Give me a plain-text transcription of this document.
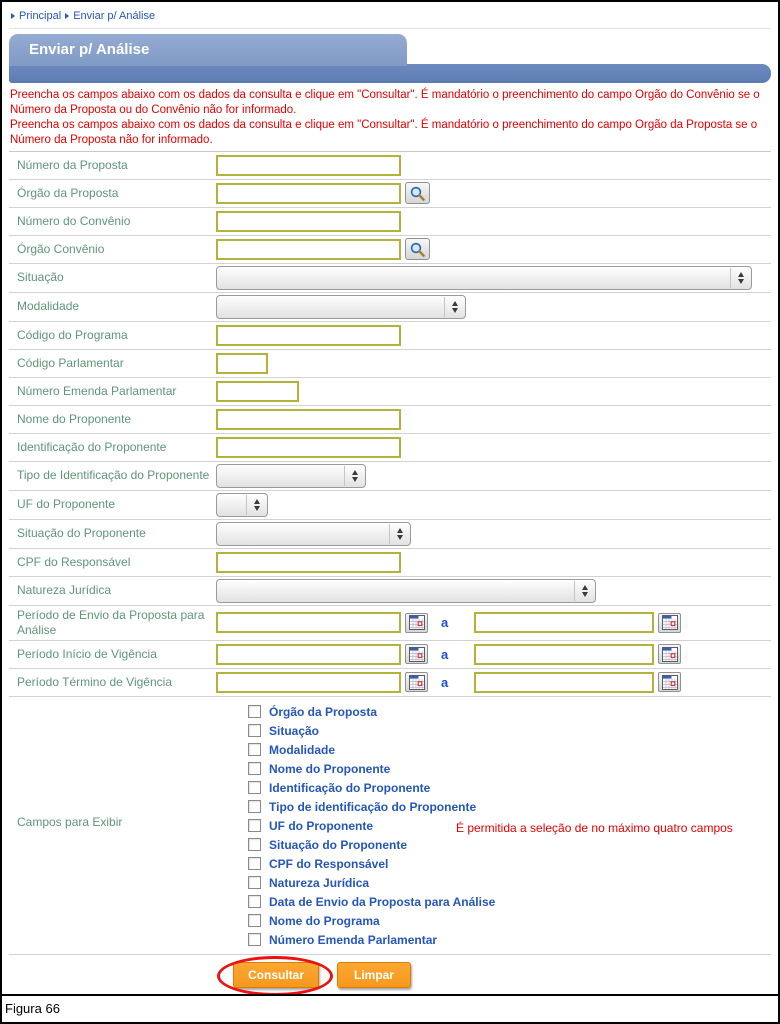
Principal Enviar p/ Análise
Enviar p/ Análise

Preencha os campos abaixo com os dados da consulta e clique em "Consultar". É mandatório o preenchimento do campo Orgão do Convênio se o Número da Proposta ou do Convênio não for informado.

Preencha os campos abaixo com os dados da consulta e clique em "Consultar". É mandatório o preenchimento do campo Orgão da Proposta se o Número da Proposta não for informado.

Número da Proposta
Órgão da Proposta
Número do Convênio
Órgão Convênio
Situação
Modalidade
Código do Programa
Código Parlamentar
Número Emenda Parlamentar
Nome do Proponente
Identificação do Proponente
Tipo de Identificação do Proponente
UF do Proponente
Situação do Proponente
CPF do Responsável
Natureza Jurídica
Período de Envio da Proposta para Análise	a
Período Início de Vigência	a
Período Término de Vigência	a
Campos para Exibir
Órgão da Proposta
Situação
Modalidade
Nome do Proponente
Identificação do Proponente
Tipo de identificação do Proponente
UF do Proponente
Situação do Proponente
CPF do Responsável
Natureza Jurídica
Data de Envio da Proposta para Análise
Nome do Programa
Número Emenda Parlamentar
É permitida a seleção de no máximo quatro campos
Consultar	Limpar
Figura 66
